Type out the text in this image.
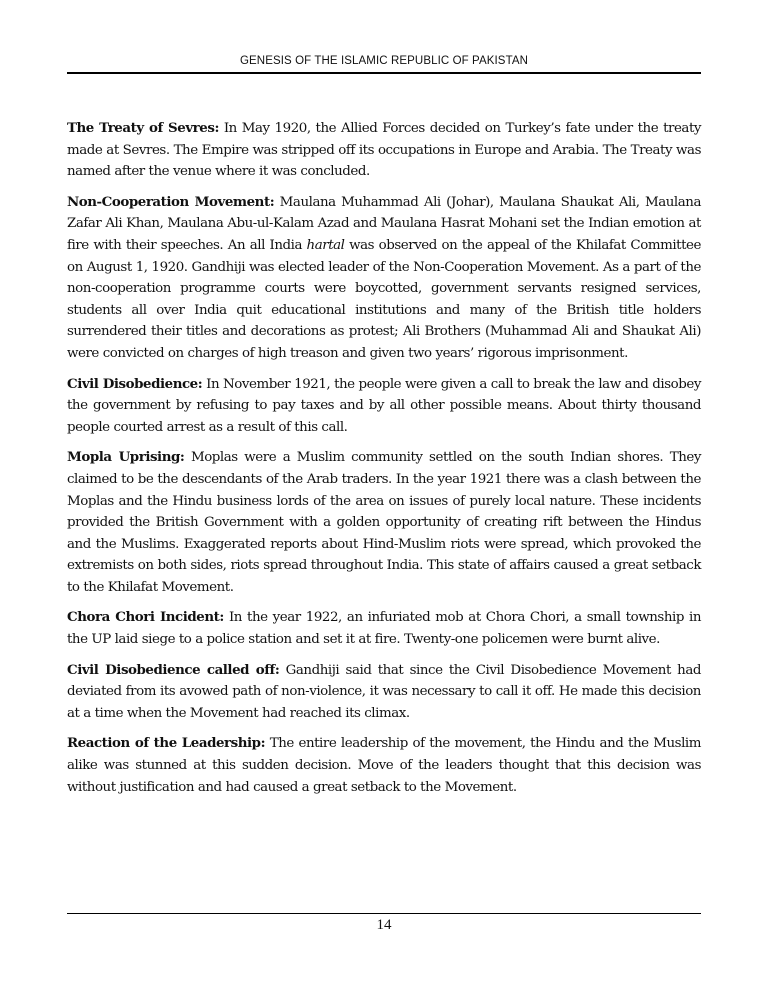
GENESIS OF THE ISLAMIC REPUBLIC OF PAKISTAN

The Treaty of Sevres: In May 1920, the Allied Forces decided on Turkey’s fate under the treaty made at Sevres. The Empire was stripped off its occupations in Europe and Arabia. The Treaty was named after the venue where it was concluded.

Non-Cooperation Movement: Maulana Muhammad Ali (Johar), Maulana Shaukat Ali, Maulana Zafar Ali Khan, Maulana Abu-ul-Kalam Azad and Maulana Hasrat Mohani set the Indian emotion at fire with their speeches. An all India hartal was observed on the appeal of the Khilafat Committee on August 1, 1920. Gandhiji was elected leader of the Non-Cooperation Movement. As a part of the non-cooperation programme courts were boycotted, government servants resigned services, students all over India quit educational institutions and many of the British title holders surrendered their titles and decorations as protest; Ali Brothers (Muhammad Ali and Shaukat Ali) were convicted on charges of high treason and given two years’ rigorous imprisonment.

Civil Disobedience: In November 1921, the people were given a call to break the law and disobey the government by refusing to pay taxes and by all other possible means. About thirty thousand people courted arrest as a result of this call.

Mopla Uprising: Moplas were a Muslim community settled on the south Indian shores. They claimed to be the descendants of the Arab traders. In the year 1921 there was a clash between the Moplas and the Hindu business lords of the area on issues of purely local nature. These incidents provided the British Government with a golden opportunity of creating rift between the Hindus and the Muslims. Exaggerated reports about Hind-Muslim riots were spread, which provoked the extremists on both sides, riots spread throughout India. This state of affairs caused a great setback to the Khilafat Movement.

Chora Chori Incident: In the year 1922, an infuriated mob at Chora Chori, a small township in the UP laid siege to a police station and set it at fire. Twenty-one policemen were burnt alive.

Civil Disobedience called off: Gandhiji said that since the Civil Disobedience Movement had deviated from its avowed path of non-violence, it was necessary to call it off. He made this decision at a time when the Movement had reached its climax.

Reaction of the Leadership: The entire leadership of the movement, the Hindu and the Muslim alike was stunned at this sudden decision. Move of the leaders thought that this decision was without justification and had caused a great setback to the Movement.

14
